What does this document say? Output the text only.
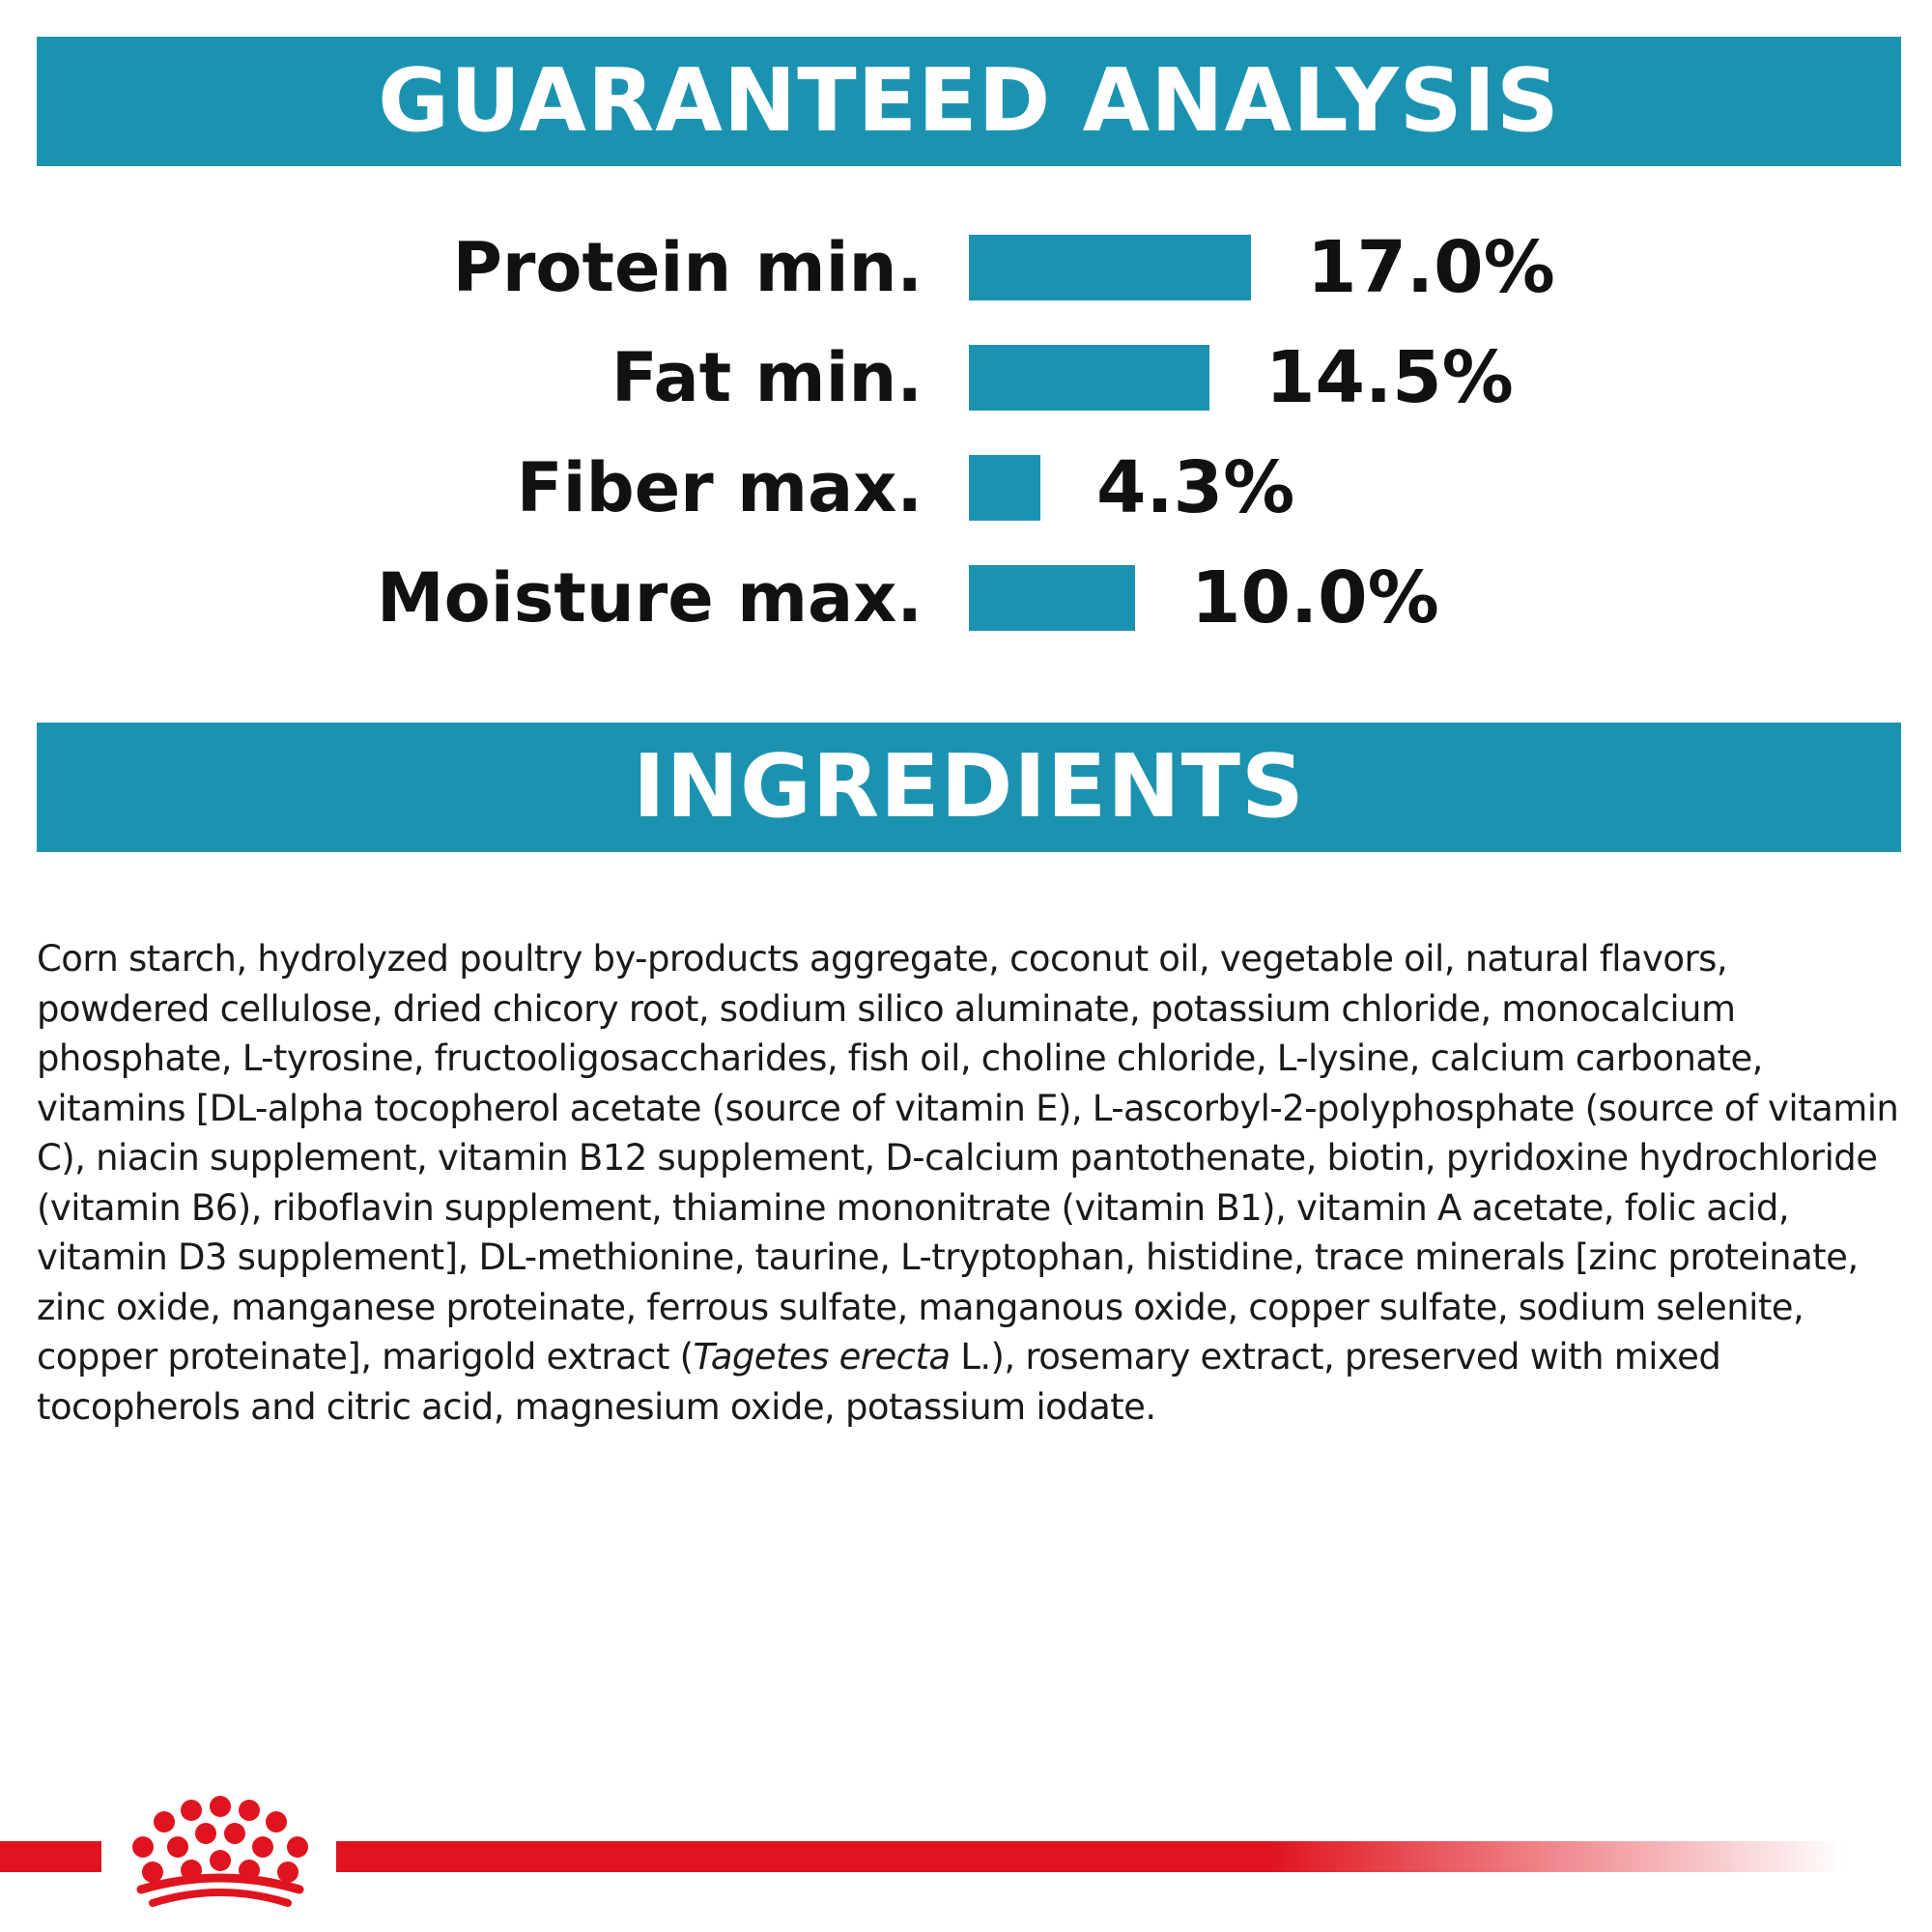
GUARANTEED ANALYSIS
Protein min.	17.0%
Fat min.	14.5%
Fiber max. 4.3%
Moisture max.	10.0%
INGREDIENTS

Corn starch, hydrolyzed poultry by-products aggregate, coconut oil, vegetable oil, natural flavors, powdered cellulose, dried chicory root, sodium silico aluminate, potassium chloride, monocalcium phosphate, L-tyrosine, fructooligosaccharides, fish oil, choline chloride, L-lysine, calcium carbonate, vitamins [DL-alpha tocopherol acetate (source of vitamin E), L-ascorbyl-2-polyphosphate (source of vitamin C), niacin supplement, vitamin B12 supplement, D-calcium pantothenate, biotin, pyridoxine hydrochloride (vitamin B6), riboflavin supplement, thiamine mononitrate (vitamin B1), vitamin A acetate, folic acid, vitamin D3 supplement], DL-methionine, taurine, L-tryptophan, histidine, trace minerals [zinc proteinate, zinc oxide, manganese proteinate, ferrous sulfate, manganous oxide, copper sulfate, sodium selenite, copper proteinate], marigold extract (Tagetes erecta L.), rosemary extract, preserved with mixed tocopherols and citric acid, magnesium oxide, potassium iodate.
